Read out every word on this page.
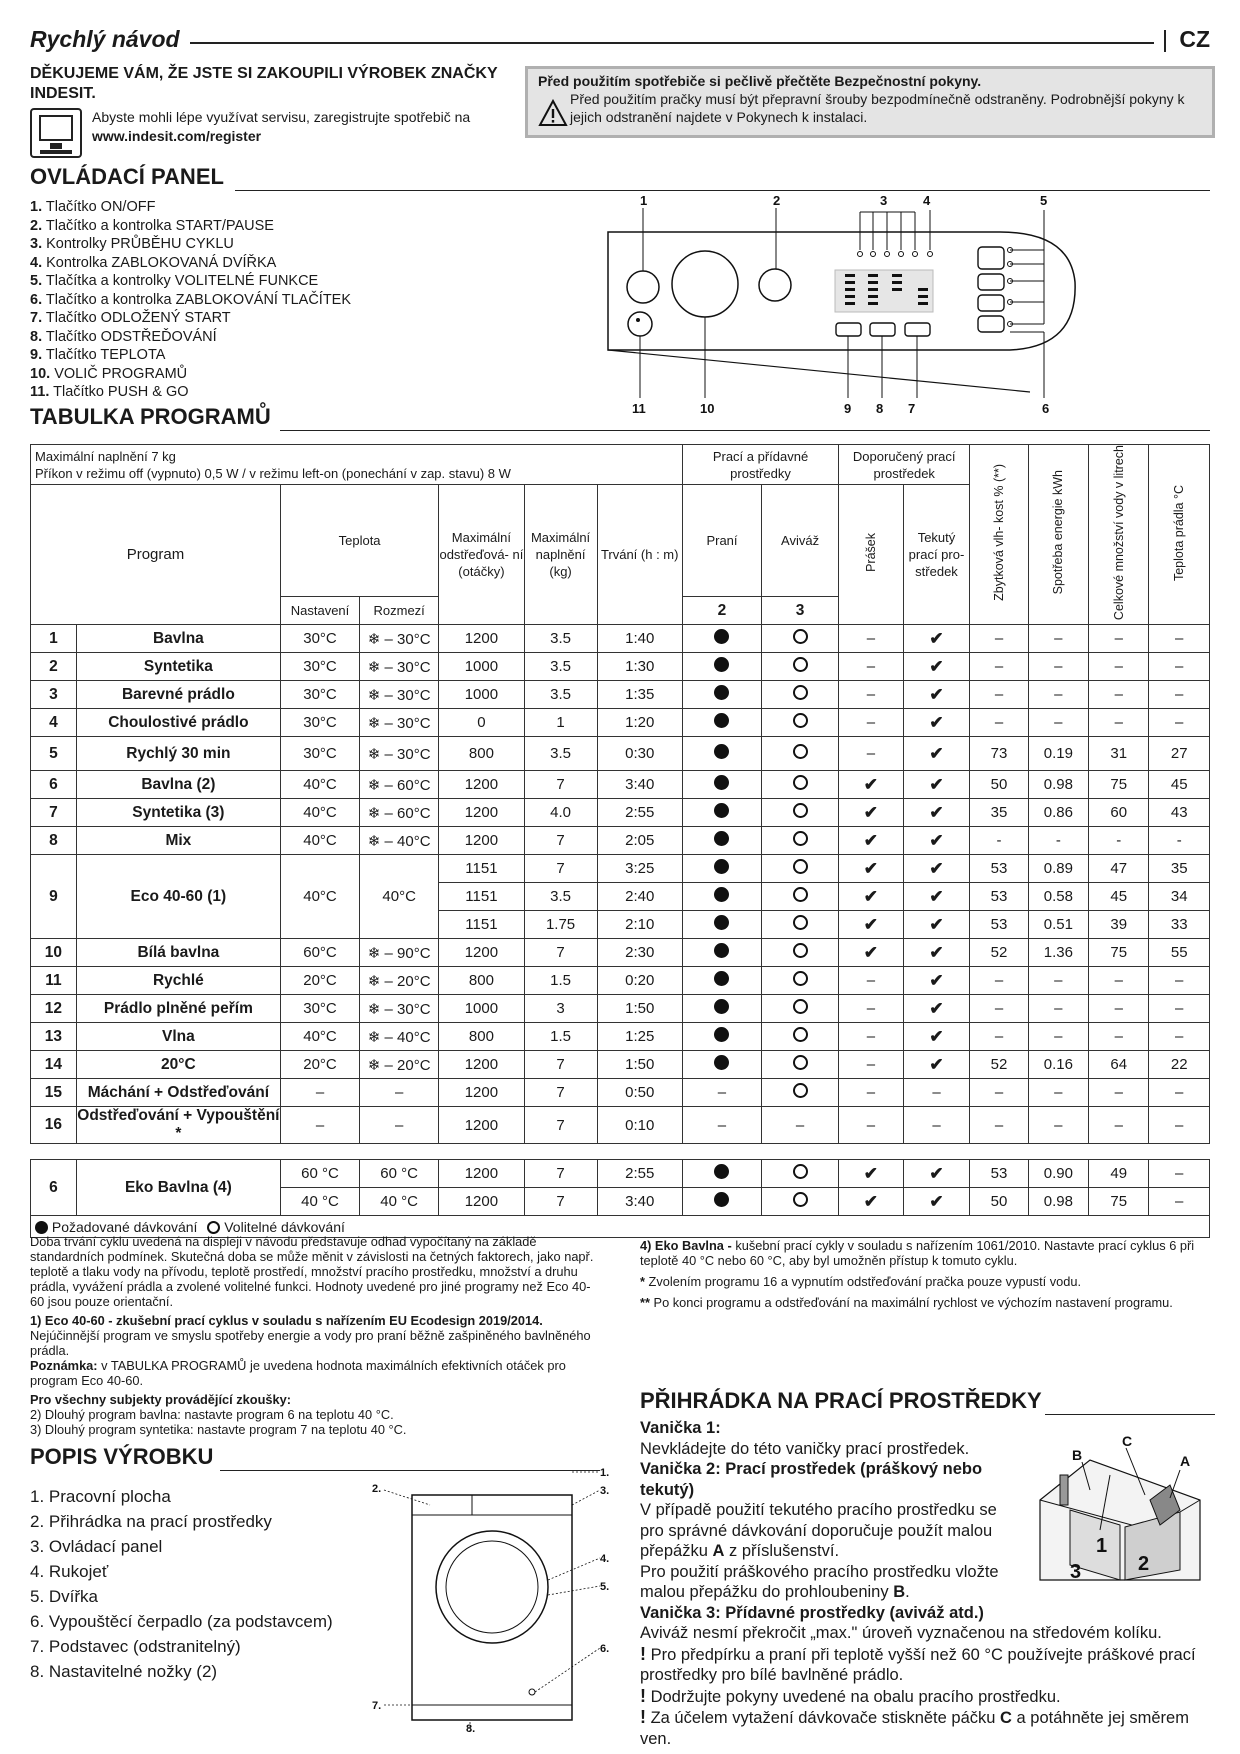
Rychlý návod	CZ
DĚKUJEME VÁM, ŽE JSTE SI ZAKOUPILI VÝROBEK ZNAČKY INDESIT.
Abyste mohli lépe využívat servisu, zaregistrujte spotřebič na
www.indesit.com/register
Před použitím spotřebiče si pečlivě přečtěte Bezpečnostní pokyny.
Před použitím pračky musí být přepravní šrouby bezpodmínečně odstraněny. Podrobnější pokyny k jejich odstranění najdete v Pokynech k instalaci.
OVLÁDACÍ PANEL
1. Tlačítko ON/OFF
2. Tlačítko a kontrolka START/PAUSE
3. Kontrolky PRŮBĚHU CYKLU
4. Kontrolka ZABLOKOVANÁ DVÍŘKA
5. Tlačítka a kontrolky VOLITELNÉ FUNKCE
6. Tlačítko a kontrolka ZABLOKOVÁNÍ TLAČÍTEK
7. Tlačítko ODLOŽENÝ START
8. Tlačítko ODSTŘEĎOVÁNÍ
9. Tlačítko TEPLOTA
10. VOLIČ PROGRAMŮ
11. Tlačítko PUSH & GO
1	2	3	4	5
11	10	9 8 7	6
TABULKA PROGRAMŮ
Maximální naplnění 7 kg
Příkon v režimu off (vypnuto) 0,5 W / v režimu left-on (ponechání v zap. stavu) 8 W							Prací a přídavné prostředky		Doporučený prací prostředek		Zbytková vlh- kost % (**)	Spotřeba energie kWh	Celkové množství vody v litrech	Teplota prádla °C
Program		Teplota		Maximální odstřeďová- ní (otáčky)	Maximální naplnění (kg)	Trvání (h : m)	Praní	Aviváž	Prášek	Tekutý prací pro- středek				
		Nastavení	Rozmezí				2	3						
1	Bavlna	30°C	❄ – 30°C	1200	3.5	1:40			–	✔	–	–	–	–
2	Syntetika	30°C	❄ – 30°C	1000	3.5	1:30			–	✔	–	–	–	–
3	Barevné prádlo	30°C	❄ – 30°C	1000	3.5	1:35			–	✔	–	–	–	–
4	Choulostivé prádlo	30°C	❄ – 30°C	0	1	1:20			–	✔	–	–	–	–
5	Rychlý 30 min	30°C	❄ – 30°C	800	3.5	0:30			–	✔	73	0.19	31	27
6	Bavlna (2)	40°C	❄ – 60°C	1200	7	3:40			✔	✔	50	0.98	75	45
7	Syntetika (3)	40°C	❄ – 60°C	1200	4.0	2:55			✔	✔	35	0.86	60	43
8	Mix	40°C	❄ – 40°C	1200	7	2:05			✔	✔	-	-	-	-
9	Eco 40-60 (1)	40°C	40°C	1151	7	3:25			✔	✔	53	0.89	47	35
				1151	3.5	2:40			✔	✔	53	0.58	45	34
				1151	1.75	2:10			✔	✔	53	0.51	39	33
10	Bílá bavlna	60°C	❄ – 90°C	1200	7	2:30			✔	✔	52	1.36	75	55
11	Rychlé	20°C	❄ – 20°C	800	1.5	0:20			–	✔	–	–	–	–
12	Prádlo plněné peřím	30°C	❄ – 30°C	1000	3	1:50			–	✔	–	–	–	–
13	Vlna	40°C	❄ – 40°C	800	1.5	1:25			–	✔	–	–	–	–
14	20°C	20°C	❄ – 20°C	1200	7	1:50			–	✔	52	0.16	64	22
15	Máchání + Odstřeďování	–	–	1200	7	0:50	–		–	–	–	–	–	–
16	Odstřeďování + Vypouštění *	–	–	1200	7	0:10	–	–	–	–	–	–	–	–

6	Eko Bavlna (4)	60 °C	60 °C	1200	7	2:55			✔	✔	53	0.90	49	–
		40 °C	40 °C	1200	7	3:40			✔	✔	50	0.98	75	–
Požadované dávkování Volitelné dávkování														

Doba trvání cyklu uvedená na displeji v návodu představuje odhad vypočítaný na základě standardních podmínek. Skutečná doba se může měnit v závislosti na četných faktorech, jako např. teplotě a tlaku vody na přívodu, teplotě prostředí, množství pracího prostředku, množství a druhu prádla, vyvážení prádla a zvolené volitelné funkci. Hodnoty uvedené pro jiné programy než Eco 40-60 jsou pouze orientační.

1) Eco 40-60 - zkušební prací cyklus v souladu s nařízením EU Ecodesign 2019/2014.
Nejúčinnější program ve smyslu spotřeby energie a vody pro praní běžně zašpiněného bavlněného prádla.
Poznámka: v TABULKA PROGRAMŮ je uvedena hodnota maximálních efektivních otáček pro program Eco 40-60.

Pro všechny subjekty provádějící zkoušky:
2) Dlouhý program bavlna: nastavte program 6 na teplotu 40 °C.
3) Dlouhý program syntetika: nastavte program 7 na teplotu 40 °C.

4) Eko Bavlna - kušební prací cykly v souladu s nařízením 1061/2010. Nastavte prací cyklus 6 při teplotě 40 °C nebo 60 °C, aby byl umožněn přístup k tomuto cyklu.

* Zvolením programu 16 a vypnutím odstřeďování pračka pouze vypustí vodu.

** Po konci programu a odstřeďování na maximální rychlost ve výchozím nastavení programu.

POPIS VÝROBKU
1. Pracovní plocha
2. Přihrádka na prací prostředky
3. Ovládací panel
4. Rukojeť
5. Dvířka
6. Vypouštěcí čerpadlo (za podstavcem)
7. Podstavec (odstranitelný)
8. Nastavitelné nožky (2)
1.
2.	3.
4.
5.
6.
7.
8.
PŘIHRÁDKA NA PRACÍ PROSTŘEDKY
Vanička 1:
Nevkládejte do této vaničky prací prostředek.
Vanička 2: Prací prostředek (práškový nebo tekutý)
V případě použití tekutého pracího prostředku se pro správné dávkování doporučuje použít malou přepážku A z příslušenství.
Pro použití práškového pracího prostředku vložte malou přepážku do prohloubeniny B.
Vanička 3: Přídavné prostředky (aviváž atd.)
Aviváž nesmí překročit „max." úroveň vyznačenou na středovém kolíku.
! Pro předpírku a praní při teplotě vyšší než 60 °C používejte práškové prací prostředky pro bílé bavlněné prádlo.
! Dodržujte pokyny uvedené na obalu pracího prostředku.
! Za účelem vytažení dávkovače stiskněte páčku C a potáhněte jej směrem ven.
A
B
C
1
2
3
